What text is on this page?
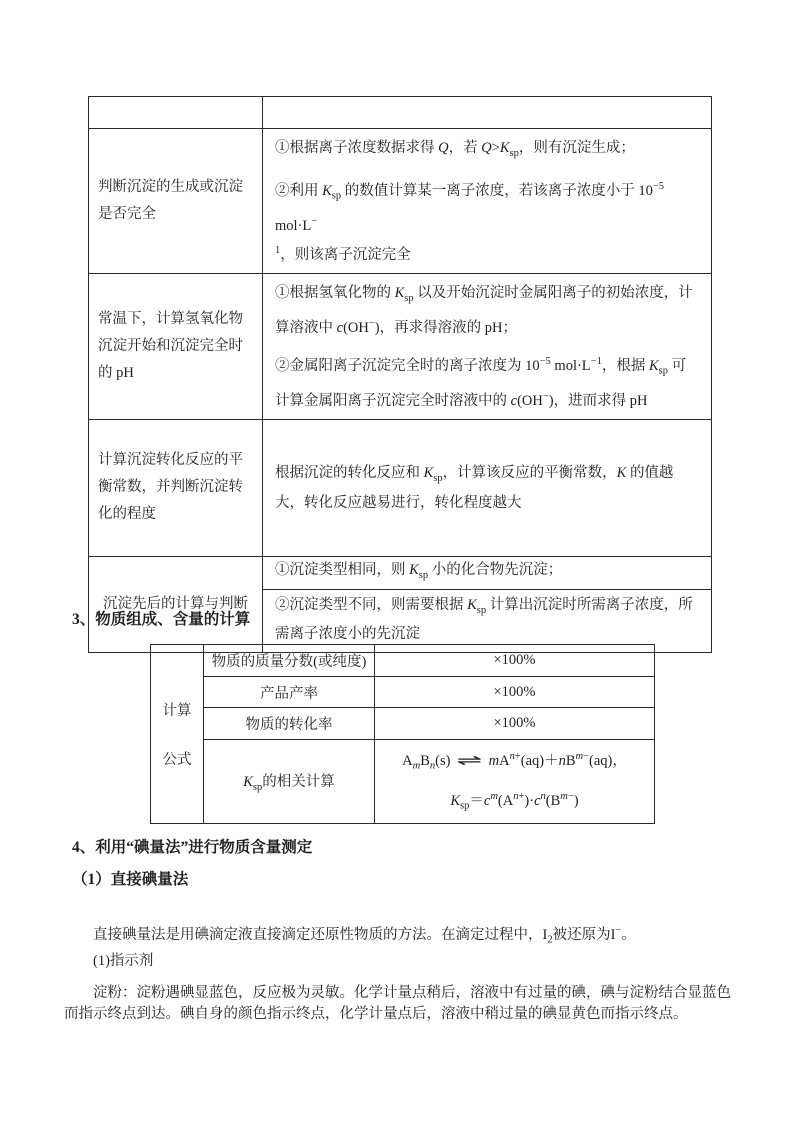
判断沉淀的生成或沉淀是否完全	①根据离子浓度数据求得 Q，若 $Q>K_{sp}$，则有沉淀生成；

②利用 $K_{sp}$ 的数值计算某一离子浓度，若该离子浓度小于 $10^{-5}$ mol·L−
$^1$，则该离子沉淀完全

常温下，计算氢氧化物沉淀开始和沉淀完全时的 pH	①根据氢氧化物的 $K_{sp}$ 以及开始沉淀时金属阳离子的初始浓度，计算溶液中 c(OH−)，再求得溶液的 pH；

②金属阳离子沉淀完全时的离子浓度为 $10^{-5}$ $mol\cdot L^{-1}$，根据 $K_{sp}$ 可计算金属阳离子沉淀完全时溶液中的 c(OH−)，进而求得 pH

计算沉淀转化反应的平衡常数，并判断沉淀转化的程度	根据沉淀的转化反应和 $K_{sp}$，计算该反应的平衡常数，K 的值越大，转化反应越易进行，转化程度越大

沉淀先后的计算与判断	①沉淀类型相同，则 $K_{sp}$ 小的化合物先沉淀；

	②沉淀类型不同，则需要根据 $K_{sp}$ 计算出沉淀时所需离子浓度，所需离子浓度小的先沉淀

3、物质组成、含量的计算
计算
公式	物质的质量分数(或纯度)	×100%
	产品产率	×100%
	物质的转化率	×100%
	$K_{sp}$的相关计算	$A_mB_n(s)$ ⇌ $mA^{n+}(aq)+nB^{m-}(aq)$，
$K_{sp}=c^m(A^{n+})\cdot c^n(B^{m-})$
4、利用“碘量法”进行物质含量测定
（1）直接碘量法

直接碘量法是用碘滴定液直接滴定还原性物质的方法。在滴定过程中，$I_2$被还原为I−。

(1)指示剂

淀粉：淀粉遇碘显蓝色，反应极为灵敏。化学计量点稍后，溶液中有过量的碘，碘与淀粉结合显蓝色而指示终点到达。碘自身的颜色指示终点，化学计量点后，溶液中稍过量的碘显黄色而指示终点。
